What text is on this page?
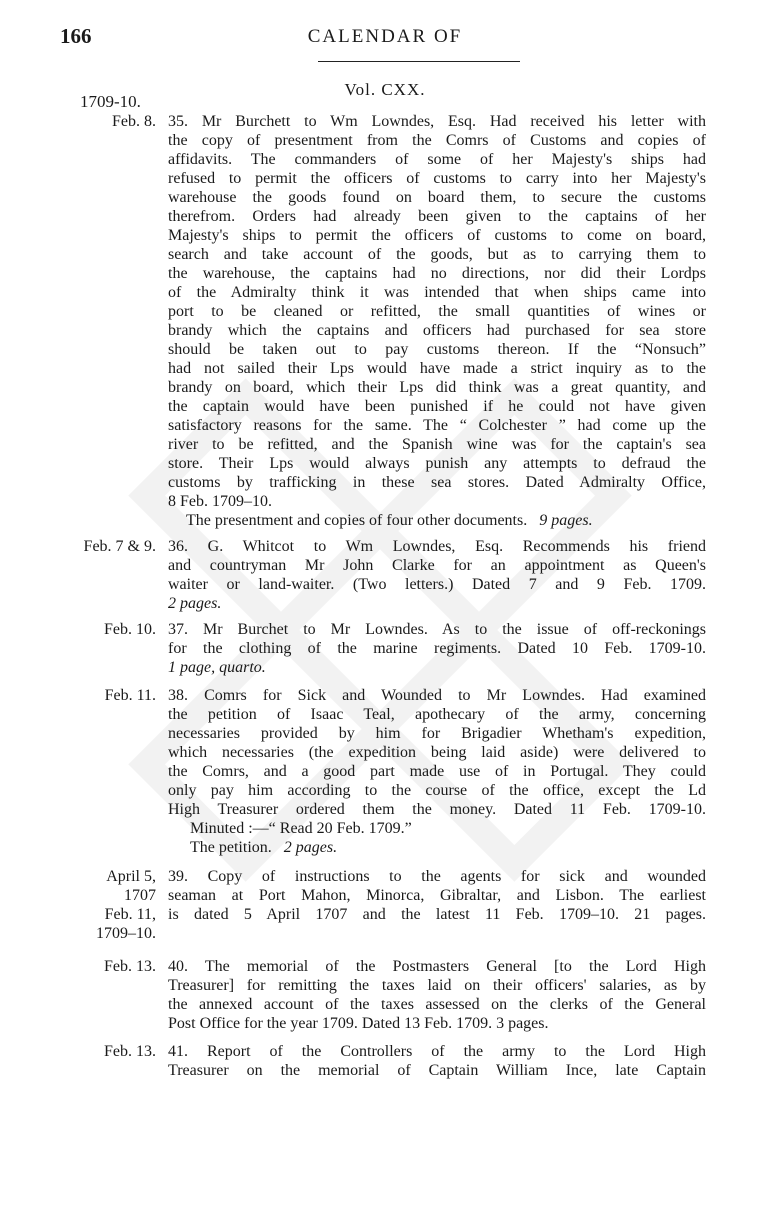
166	CALENDAR OF
Vol. CXX.
1709-10.
Feb. 8. 35. Mr Burchett to Wm Lowndes, Esq. Had received his letter with
the copy of presentment from the Comrs of Customs and copies of
affidavits. The commanders of some of her Majesty's ships had
refused to permit the officers of customs to carry into her Majesty's
warehouse the goods found on board them, to secure the customs
therefrom. Orders had already been given to the captains of her
Majesty's ships to permit the officers of customs to come on board,
search and take account of the goods, but as to carrying them to
the warehouse, the captains had no directions, nor did their Lordps
of the Admiralty think it was intended that when ships came into
port to be cleaned or refitted, the small quantities of wines or
brandy which the captains and officers had purchased for sea store
should be taken out to pay customs thereon. If the “Nonsuch”
had not sailed their Lps would have made a strict inquiry as to the
brandy on board, which their Lps did think was a great quantity, and
the captain would have been punished if he could not have given
satisfactory reasons for the same. The “ Colchester ” had come up the
river to be refitted, and the Spanish wine was for the captain's sea
store. Their Lps would always punish any attempts to defraud the
customs by trafficking in these sea stores. Dated Admiralty Office,
8 Feb. 1709–10.
The presentment and copies of four other documents. 9 pages.
Feb. 7 & 9. 36. G. Whitcot to Wm Lowndes, Esq. Recommends his friend
and countryman Mr John Clarke for an appointment as Queen's
waiter or land-waiter. (Two letters.) Dated 7 and 9 Feb. 1709.
2 pages.
Feb. 10. 37. Mr Burchet to Mr Lowndes. As to the issue of off-reckonings
for the clothing of the marine regiments. Dated 10 Feb. 1709-10.
1 page, quarto.
Feb. 11. 38. Comrs for Sick and Wounded to Mr Lowndes. Had examined
the petition of Isaac Teal, apothecary of the army, concerning
necessaries provided by him for Brigadier Whetham's expedition,
which necessaries (the expedition being laid aside) were delivered to
the Comrs, and a good part made use of in Portugal. They could
only pay him according to the course of the office, except the Ld
High Treasurer ordered them the money. Dated 11 Feb. 1709-10.
Minuted :—“ Read 20 Feb. 1709.”
The petition. 2 pages.
April 5,
1707
Feb. 11,
1709–10.
39. Copy of instructions to the agents for sick and wounded
seaman at Port Mahon, Minorca, Gibraltar, and Lisbon. The earliest
is dated 5 April 1707 and the latest 11 Feb. 1709–10. 21 pages.
Feb. 13. 40. The memorial of the Postmasters General [to the Lord High
Treasurer] for remitting the taxes laid on their officers' salaries, as by
the annexed account of the taxes assessed on the clerks of the General
Post Office for the year 1709. Dated 13 Feb. 1709. 3 pages.
Feb. 13. 41. Report of the Controllers of the army to the Lord High
Treasurer on the memorial of Captain William Ince, late Captain
